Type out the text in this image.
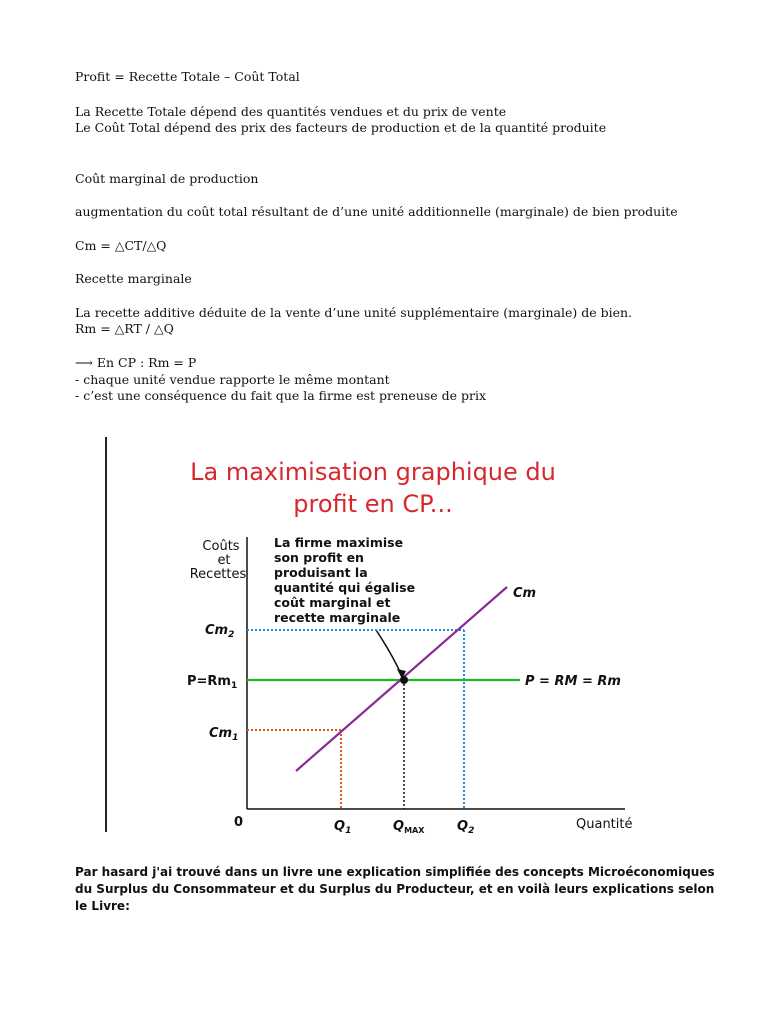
Profit = Recette Totale – Coût Total
La Recette Totale dépend des quantités vendues et du prix de vente
Le Coût Total dépend des prix des facteurs de production et de la quantité produite
Coût marginal de production
augmentation du coût total résultant de d’une unité additionnelle (marginale) de bien produite
Cm = △CT/△Q
Recette marginale
La recette additive déduite de la vente d’une unité supplémentaire (marginale) de bien.
Rm = △RT / △Q
⟶ En CP : Rm = P
- chaque unité vendue rapporte le même montant
- c’est une conséquence du fait que la firme est preneuse de prix
La maximisation graphique du
profit en CP...
Coûts
et
Recettes
La firme maximise
son profit en
produisant la
quantité qui égalise
coût marginal et
recette marginale
$Cm_2$
$P=Rm_1$
$Cm_1$
Cm
P = RM = Rm
0	$Q_1$	$Q_{MAX}$	$Q_2$	Quantité
Par hasard j'ai trouvé dans un livre une explication simplifiée des concepts Microéconomiques du Surplus du Consommateur et du Surplus du Producteur, et en voilà leurs explications selon le Livre:
